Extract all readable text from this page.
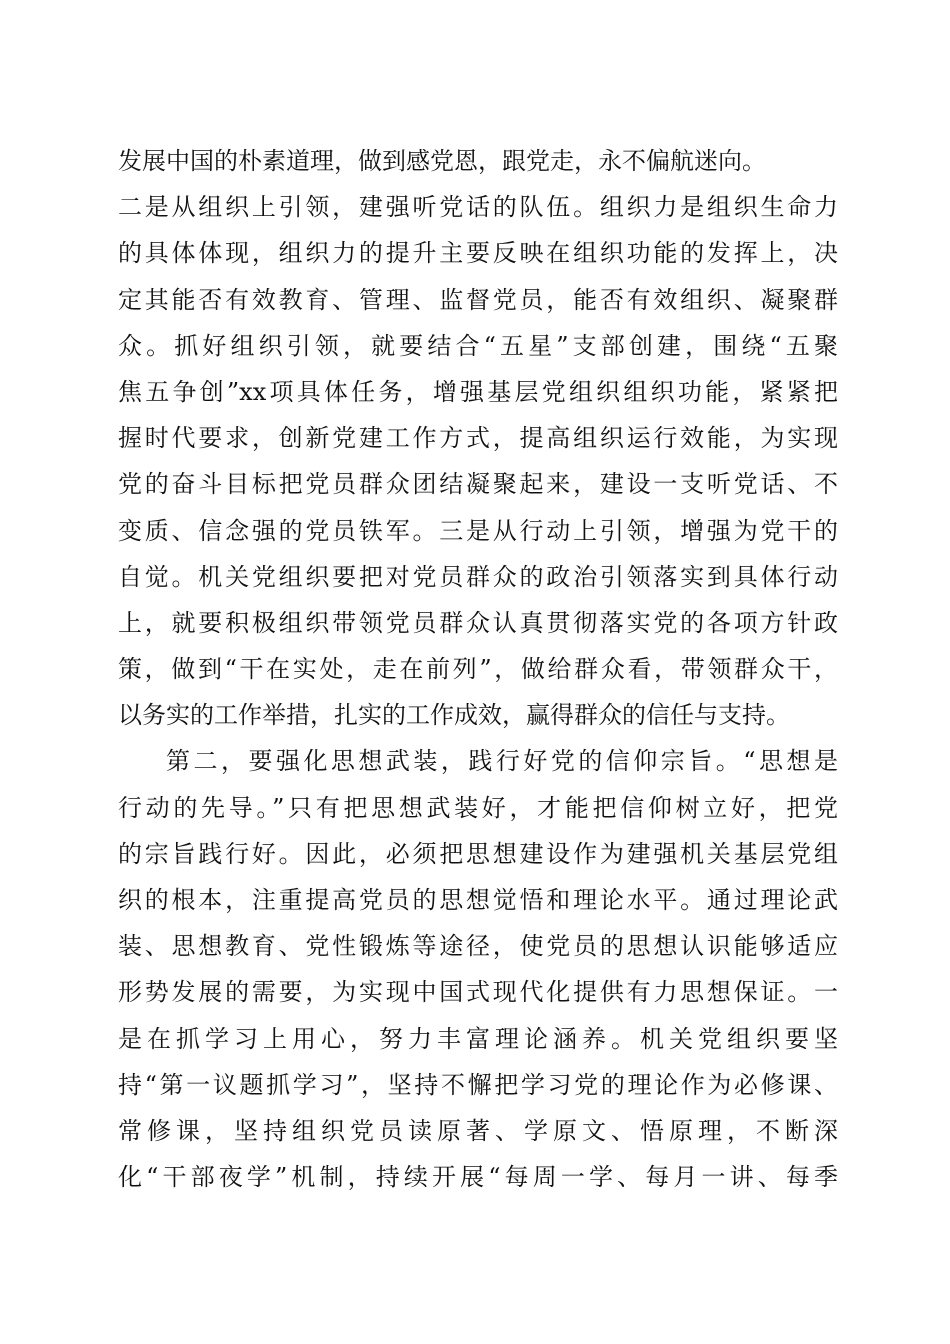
发展中国的朴素道理，做到感党恩，跟党走，永不偏航迷向。
二是从组织上引领，建强听党话的队伍。组织力是组织生命力
的具体体现，组织力的提升主要反映在组织功能的发挥上，决
定其能否有效教育、管理、监督党员，能否有效组织、凝聚群
众。抓好组织引领，就要结合“五星”支部创建，围绕“五聚
焦五争创”xx项具体任务，增强基层党组织组织功能，紧紧把
握时代要求，创新党建工作方式，提高组织运行效能，为实现
党的奋斗目标把党员群众团结凝聚起来，建设一支听党话、不
变质、信念强的党员铁军。三是从行动上引领，增强为党干的
自觉。机关党组织要把对党员群众的政治引领落实到具体行动
上，就要积极组织带领党员群众认真贯彻落实党的各项方针政
策，做到“干在实处，走在前列”，做给群众看，带领群众干，
以务实的工作举措，扎实的工作成效，赢得群众的信任与支持。
第二，要强化思想武装，践行好党的信仰宗旨。“思想是
行动的先导。”只有把思想武装好，才能把信仰树立好，把党
的宗旨践行好。因此，必须把思想建设作为建强机关基层党组
织的根本，注重提高党员的思想觉悟和理论水平。通过理论武
装、思想教育、党性锻炼等途径，使党员的思想认识能够适应
形势发展的需要，为实现中国式现代化提供有力思想保证。一
是在抓学习上用心，努力丰富理论涵养。机关党组织要坚
持“第一议题抓学习”，坚持不懈把学习党的理论作为必修课、
常修课，坚持组织党员读原著、学原文、悟原理，不断深
化“干部夜学”机制，持续开展“每周一学、每月一讲、每季
